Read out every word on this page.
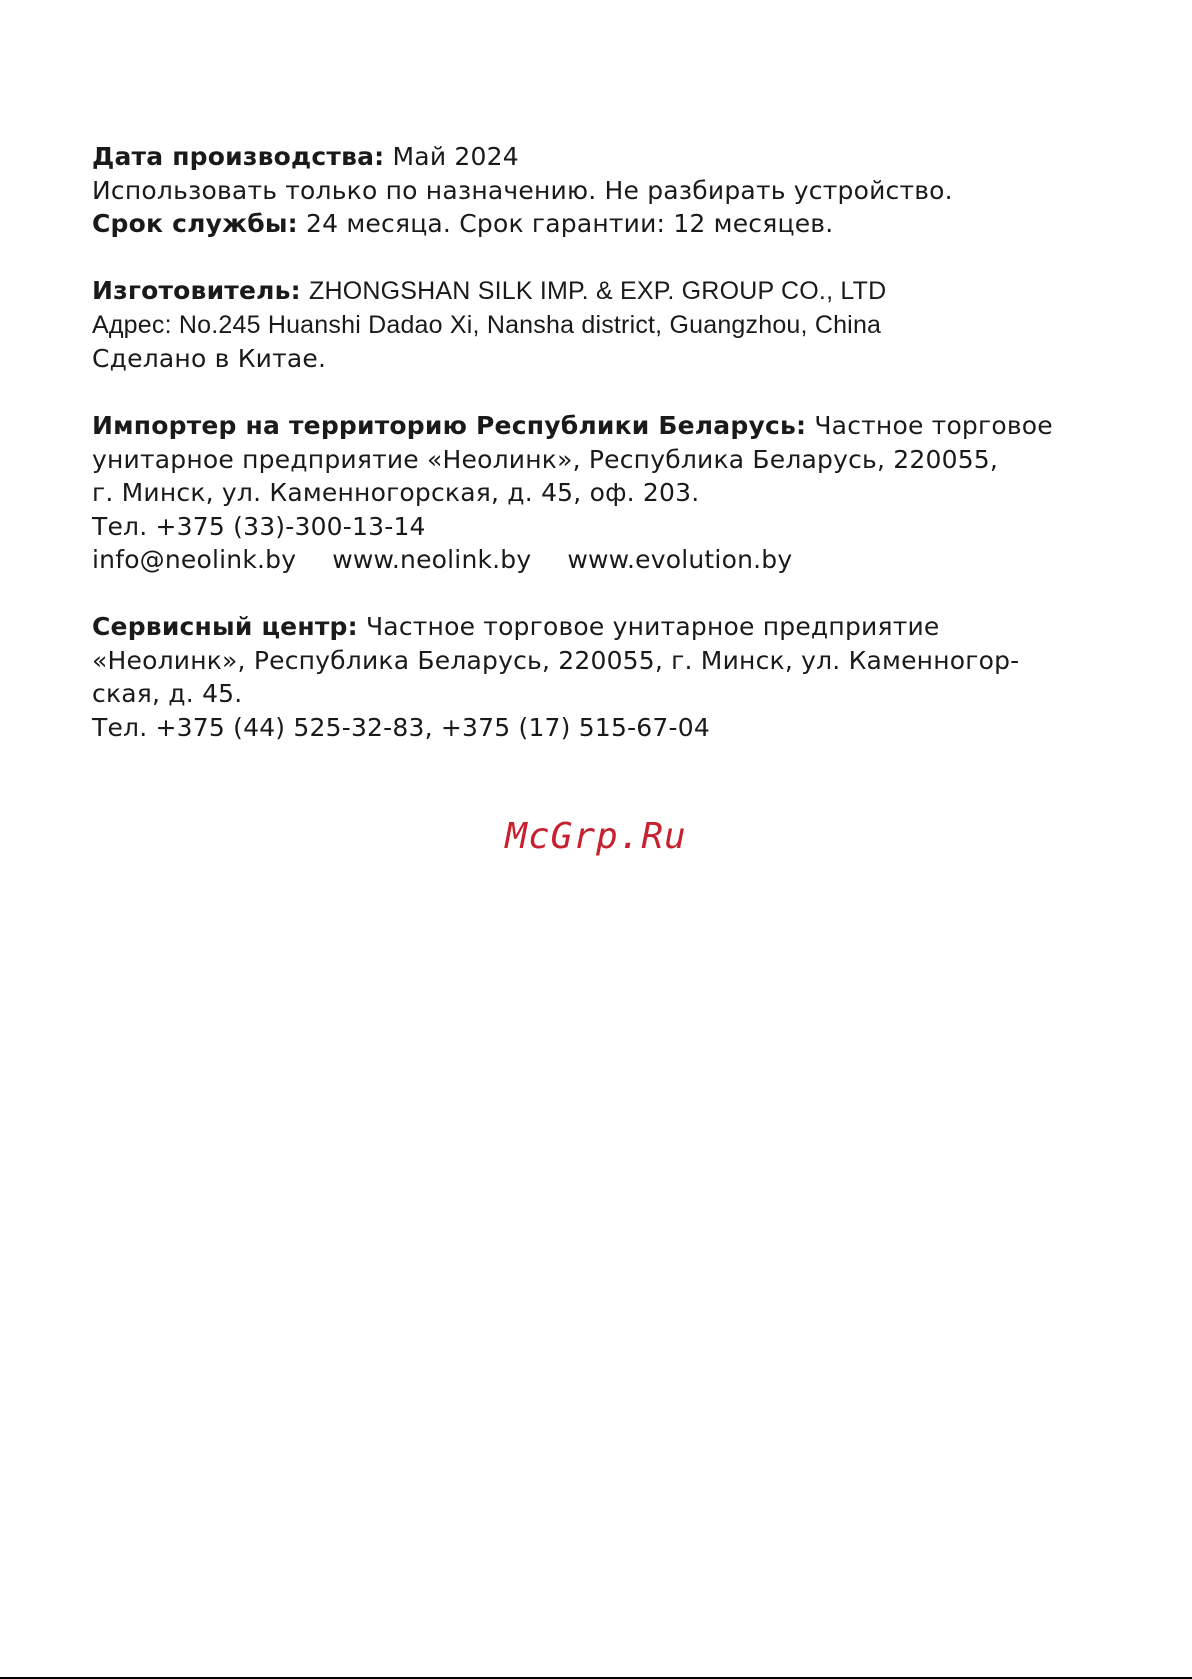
Дата производства: Май 2024
Использовать только по назначению. Не разбирать устройство.
Срок службы: 24 месяца. Срок гарантии: 12 месяцев.
Изготовитель: ZHONGSHAN SILK IMP. & EXP. GROUP CO., LTD
Адрес: No.245 Huanshi Dadao Xi, Nansha district, Guangzhou, China
Сделано в Китае.
Импортер на территорию Республики Беларусь: Частное торговое
унитарное предприятие «Неолинк», Республика Беларусь, 220055,
г. Минск, ул. Каменногорская, д. 45, оф. 203.
Тел. +375 (33)-300-13-14
info@neolink.by www.neolink.by www.evolution.by
Сервисный центр: Частное торговое унитарное предприятие
«Неолинк», Республика Беларусь, 220055, г. Минск, ул. Каменногор-
ская, д. 45.
Тел. +375 (44) 525-32-83, +375 (17) 515-67-04
McGrp.Ru
